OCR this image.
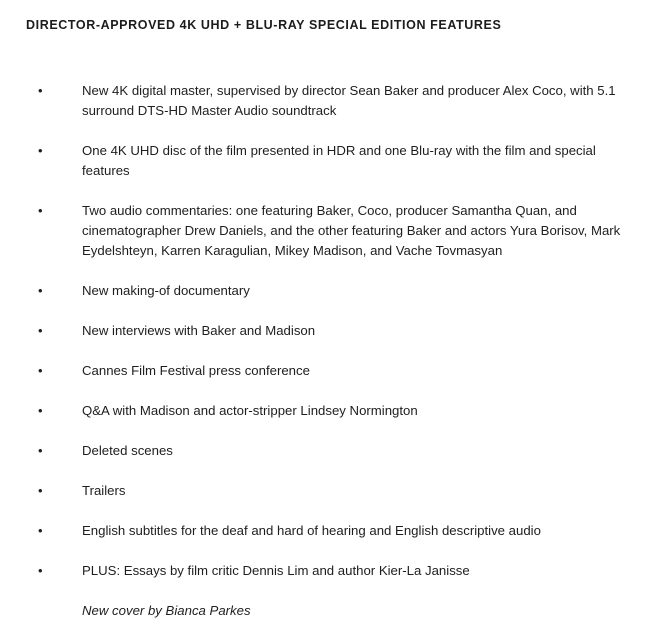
DIRECTOR-APPROVED 4K UHD + BLU-RAY SPECIAL EDITION FEATURES
•	New 4K digital master, supervised by director Sean Baker and producer Alex Coco, with 5.1 surround DTS-HD Master Audio soundtrack
•	One 4K UHD disc of the film presented in HDR and one Blu-ray with the film and special features
•	Two audio commentaries: one featuring Baker, Coco, producer Samantha Quan, and cinematographer Drew Daniels, and the other featuring Baker and actors Yura Borisov, Mark Eydelshteyn, Karren Karagulian, Mikey Madison, and Vache Tovmasyan
•	New making-of documentary
•	New interviews with Baker and Madison
•	Cannes Film Festival press conference
•	Q&A with Madison and actor-stripper Lindsey Normington
•	Deleted scenes
•	Trailers
•	English subtitles for the deaf and hard of hearing and English descriptive audio
•	PLUS: Essays by film critic Dennis Lim and author Kier-La Janisse
New cover by Bianca Parkes
